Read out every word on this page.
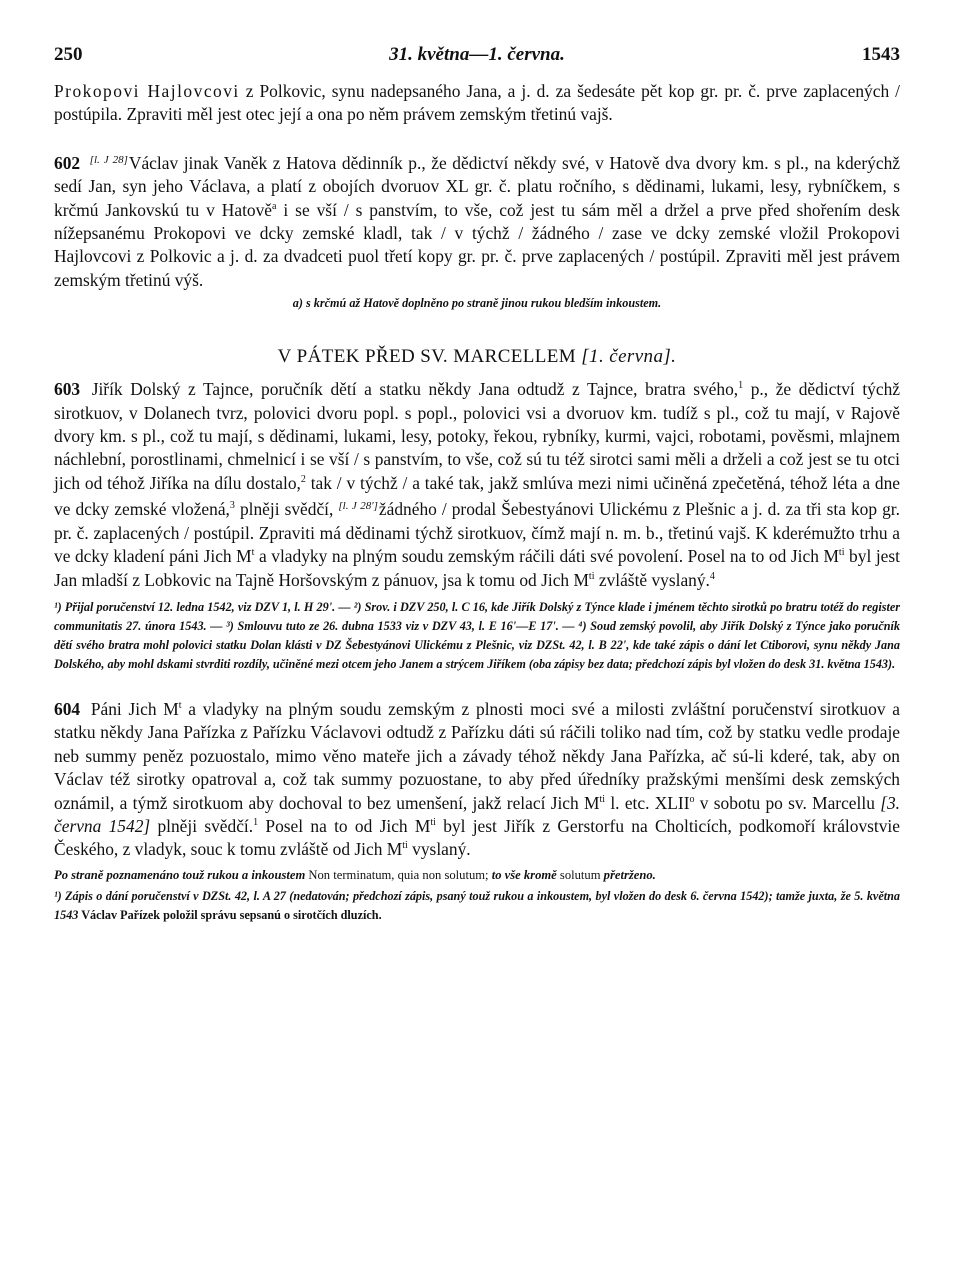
250	31. května—1. června.	1543

Prokopovi Hajlovcovi z Polkovic, synu nadepsaného Jana, a j. d. za šedesáte pět kop gr. pr. č. prve zaplacených / postúpila. Zpraviti měl jest otec její a ona po něm právem zemským třetinú vajš.

602 [l. J 28]Václav jinak Vaněk z Hatova dědinník p., že dědictví někdy své, v Hatově dva dvory km. s pl., na kderýchž sedí Jan, syn jeho Václava, a platí z obojích dvoruov XL gr. č. platu ročního, s dědinami, lukami, lesy, rybníčkem, s krčmú Jankovskú tu v Hatově$^a$ i se vší / s panstvím, to vše, což jest tu sám měl a držel a prve před shořením desk nížepsanému Prokopovi ve dcky zemské kladl, tak / v týchž / žádného / zase ve dcky zemské vložil Prokopovi Hajlovcovi z Polkovic a j. d. za dvadceti puol třetí kopy gr. pr. č. prve zaplacených / postúpil. Zpraviti měl jest právem zemským třetinú výš.

a) s krčmú až Hatově doplněno po straně jinou rukou bledším inkoustem.

V PÁTEK PŘED SV. MARCELLEM [1. června].

603 Jiřík Dolský z Tajnce, poručník dětí a statku někdy Jana odtudž z Tajnce, bratra svého,$^1$ p., že dědictví týchž sirotkuov, v Dolanech tvrz, polovici dvoru popl. s popl., polovici vsi a dvoruov km. tudíž s pl., což tu mají, v Rajově dvory km. s pl., což tu mají, s dědinami, lukami, lesy, potoky, řekou, rybníky, kurmi, vajci, robotami, pověsmi, mlajnem náchlební, porostlinami, chmelnicí i se vší / s panstvím, to vše, což sú tu též sirotci sami měli a drželi a což jest se tu otci jich od téhož Jiříka na dílu dostalo,$^2$ tak / v týchž / a také tak, jakž smlúva mezi nimi učiněná zpečetěná, téhož léta a dne ve dcky zemské vložená,$^3$ plněji svědčí, [l. J 28']žádného / prodal Šebestyánovi Ulickému z Plešnic a j. d. za tři sta kop gr. pr. č. zaplacených / postúpil. Zpraviti má dědinami týchž sirotkuov, čímž mají n. m. b., třetinú vajš. K kderémužto trhu a ve dcky kladení páni Jich $M^t$ a vladyky na plným soudu zemským ráčili dáti své povolení. Posel na to od Jich $M^{ti}$ byl jest Jan mladší z Lobkovic na Tajně Horšovským z pánuov, jsa k tomu od Jich $M^{ti}$ zvláště vyslaný.$^4$

¹) Přijal poručenství 12. ledna 1542, viz DZV 1, l. H 29'. — ²) Srov. i DZV 250, l. C 16, kde Jiřík Dolský z Týnce klade i jménem těchto sirotků po bratru totéž do register communitatis 27. února 1543. — ³) Smlouvu tuto ze 26. dubna 1533 viz v DZV 43, l. E 16'—E 17'. — ⁴) Soud zemský povolil, aby Jiřík Dolský z Týnce jako poručník dětí svého bratra mohl polovici statku Dolan klásti v DZ Šebestyánovi Ulickému z Plešnic, viz DZSt. 42, l. B 22', kde také zápis o dání let Ctiborovi, synu někdy Jana Dolského, aby mohl dskami stvrditi rozdíly, učiněné mezi otcem jeho Janem a strýcem Jiříkem (oba zápisy bez data; předchozí zápis byl vložen do desk 31. května 1543).

604 Páni Jich $M^t$ a vladyky na plným soudu zemským z plnosti moci své a milosti zvláštní poručenství sirotkuov a statku někdy Jana Pařízka z Pařízku Václavovi odtudž z Pařízku dáti sú ráčili toliko nad tím, což by statku vedle prodaje neb summy peněz pozuostalo, mimo věno mateře jich a závady téhož někdy Jana Pařízka, ač sú-li kderé, tak, aby on Václav též sirotky opatroval a, což tak summy pozuostane, to aby před úředníky pražskými menšími desk zemských oznámil, a týmž sirotkuom aby dochoval to bez umenšení, jakž relací Jich $M^{ti}$ l. etc. XLII$^o$ v sobotu po sv. Marcellu [3. června 1542] plněji svědčí.$^1$ Posel na to od Jich $M^{ti}$ byl jest Jiřík z Gerstorfu na Cholticích, podkomoří královstvie Českého, z vladyk, souc k tomu zvláště od Jich $M^{ti}$ vyslaný.

Po straně poznamenáno touž rukou a inkoustem Non terminatum, quia non solutum; to vše kromě solutum přetrženo.

¹) Zápis o dání poručenství v DZSt. 42, l. A 27 (nedatován; předchozí zápis, psaný touž rukou a inkoustem, byl vložen do desk 6. června 1542); tamže juxta, že 5. května 1543 Václav Pařízek položil správu sepsanú o sirotčích dluzích.
